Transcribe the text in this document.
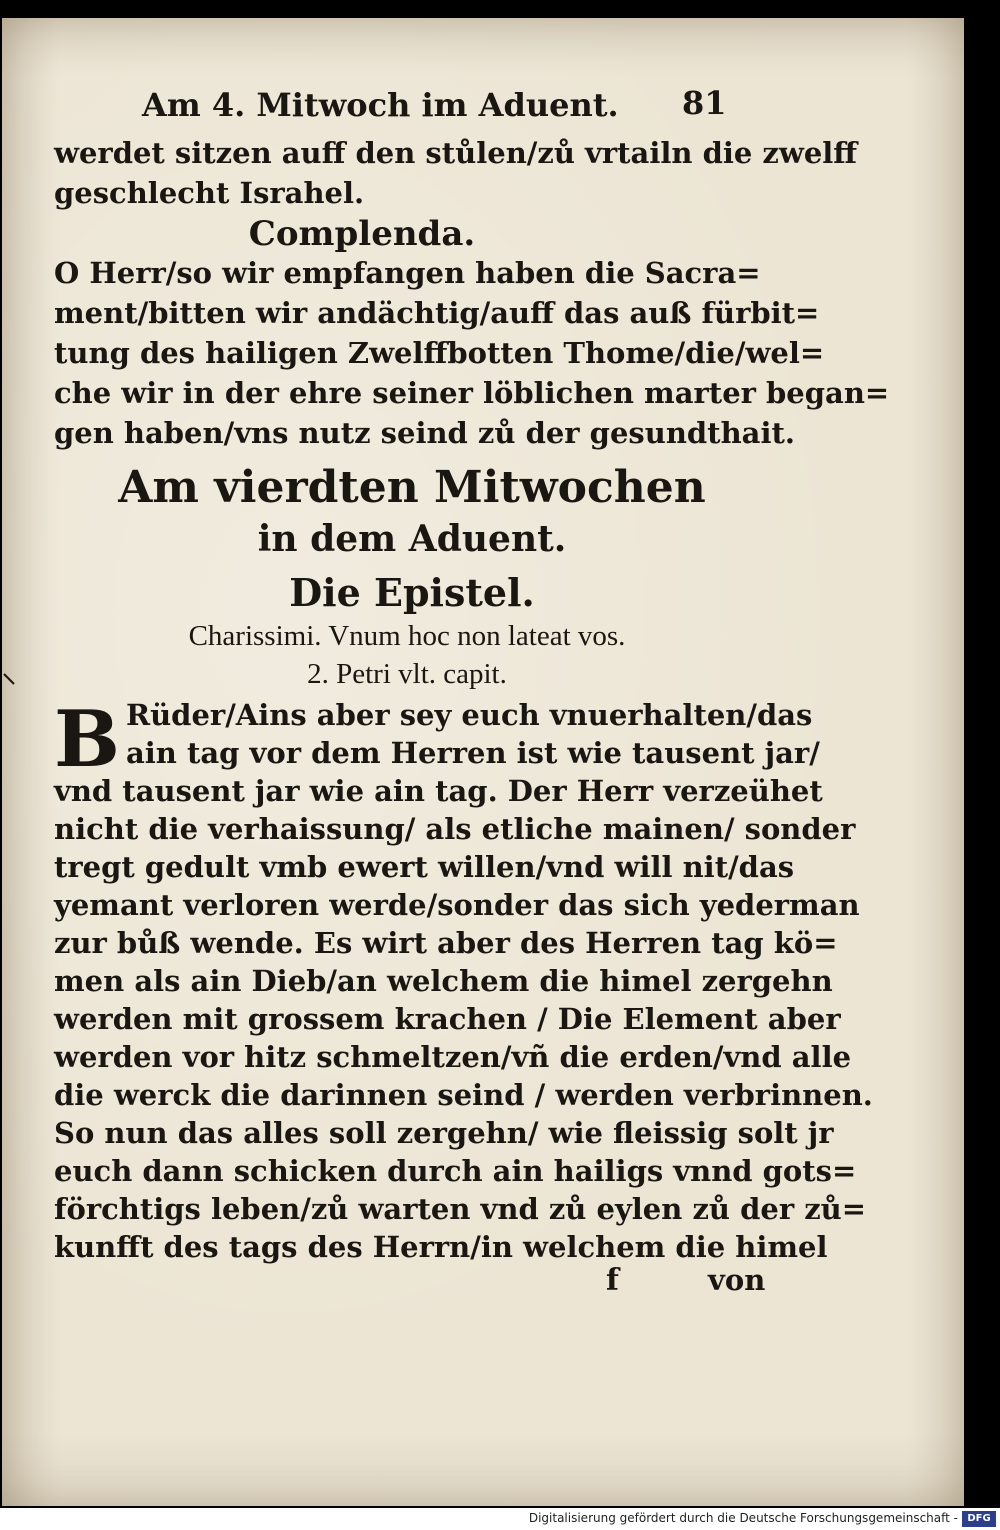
Am 4. Mitwoch im Aduent. 81
werdet sitzen auff den stůlen/zů vrtailn die zwelff
geschlecht Israhel.
Complenda.
O Herr/so wir empfangen haben die Sacra=
ment/bitten wir andächtig/auff das auß fürbit=
tung des hailigen Zwelffbotten Thome/die/wel=
che wir in der ehre seiner löblichen marter began=
gen haben/vns nutz seind zů der gesundthait.
Am vierdten Mitwochen
in dem Aduent.
Die Epistel.
Charissimi. Vnum hoc non lateat vos.
2. Petri vlt. capit.
B Rüder/Ains aber sey euch vnuerhalten/das
ain tag vor dem Herren ist wie tausent jar/
vnd tausent jar wie ain tag. Der Herr verzeühet
nicht die verhaissung/ als etliche mainen/ sonder
tregt gedult vmb ewert willen/vnd will nit/das
yemant verloren werde/sonder das sich yederman
zur bůß wende. Es wirt aber des Herren tag kö=
men als ain Dieb/an welchem die himel zergehn
werden mit grossem krachen / Die Element aber
werden vor hitz schmeltzen/vñ die erden/vnd alle
die werck die darinnen seind / werden verbrinnen.
So nun das alles soll zergehn/ wie fleissig solt jr
euch dann schicken durch ain hailigs vnnd gots=
förchtigs leben/zů warten vnd zů eylen zů der zů=
kunfft des tags des Herrn/in welchem die himel
f	von
Digitalisierung gefördert durch die Deutsche Forschungsgemeinschaft - DFG
